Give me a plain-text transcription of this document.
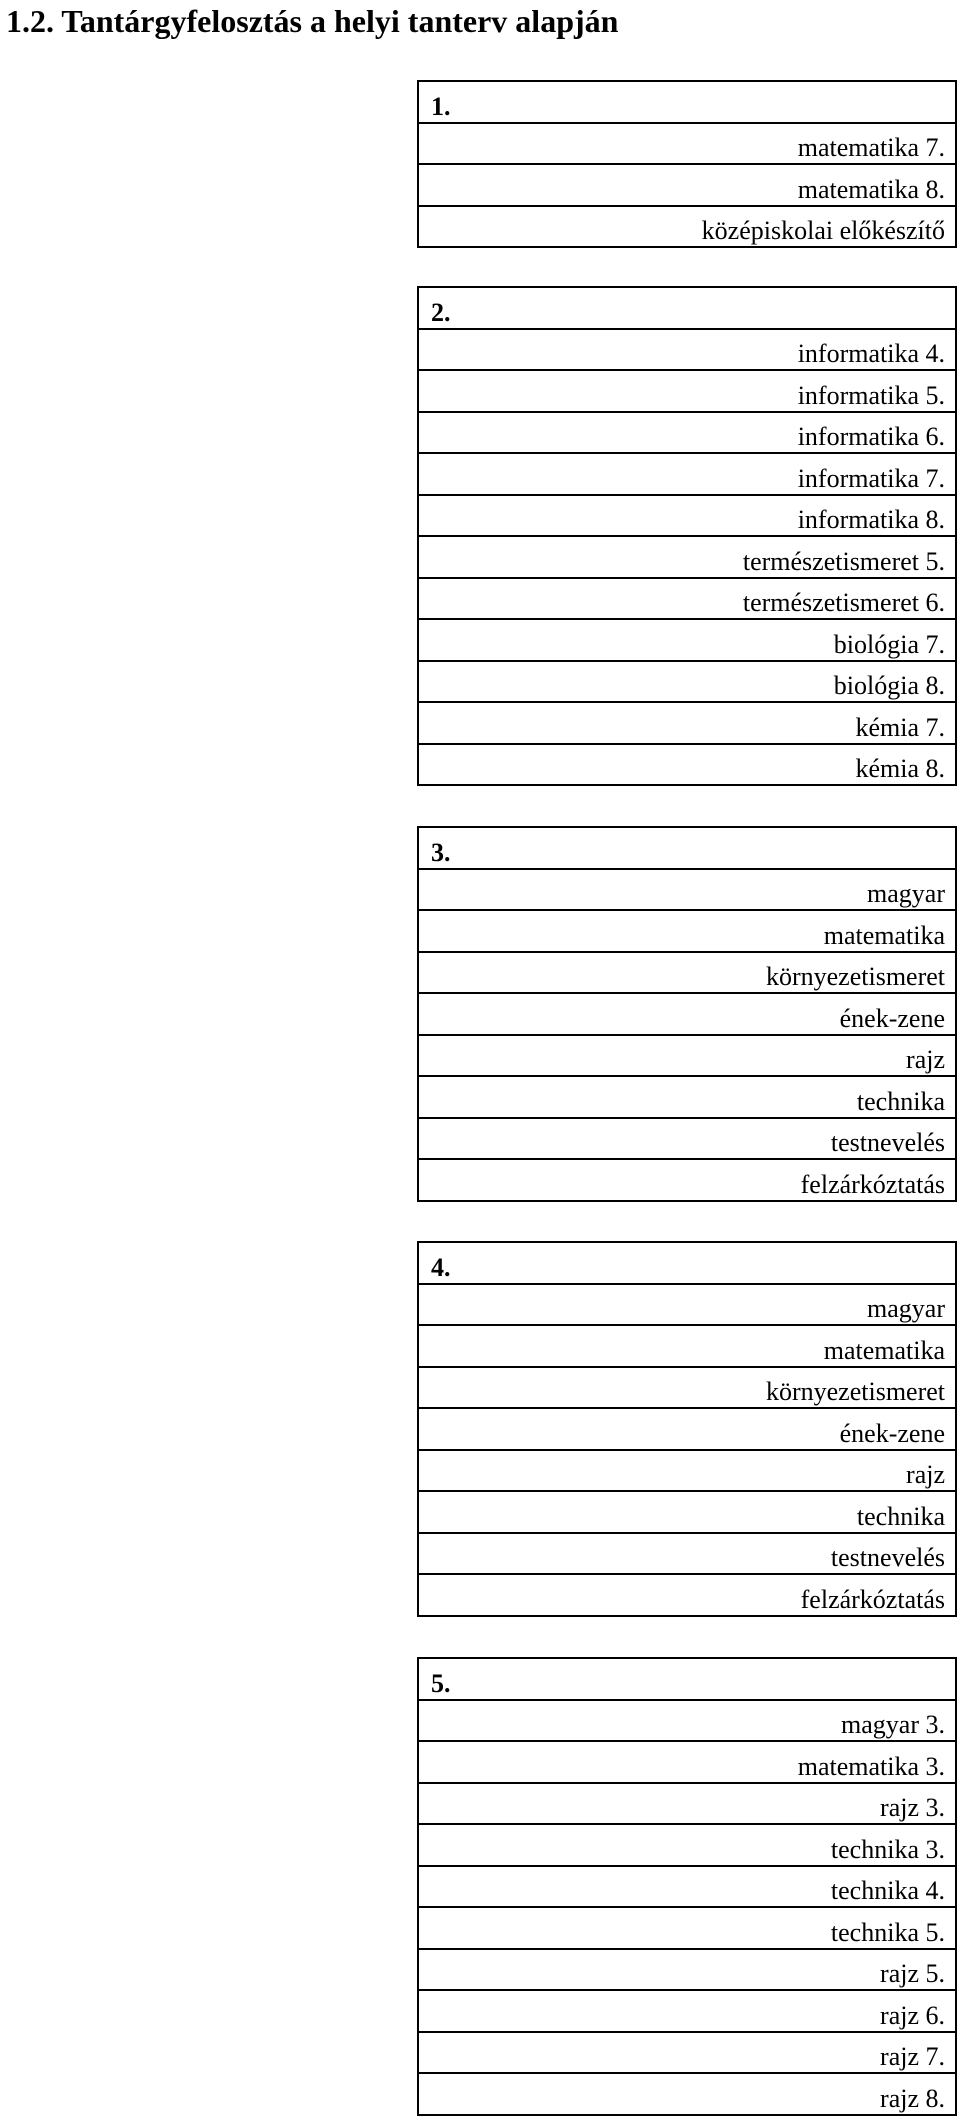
1.2. Tantárgyfelosztás a helyi tanterv alapján
1.
matematika 7.
matematika 8.
középiskolai előkészítő
2.
informatika 4.
informatika 5.
informatika 6.
informatika 7.
informatika 8.
természetismeret 5.
természetismeret 6.
biológia 7.
biológia 8.
kémia 7.
kémia 8.
3.
magyar
matematika
környezetismeret
ének-zene
rajz
technika
testnevelés
felzárkóztatás
4.
magyar
matematika
környezetismeret
ének-zene
rajz
technika
testnevelés
felzárkóztatás
5.
magyar 3.
matematika 3.
rajz 3.
technika 3.
technika 4.
technika 5.
rajz 5.
rajz 6.
rajz 7.
rajz 8.
